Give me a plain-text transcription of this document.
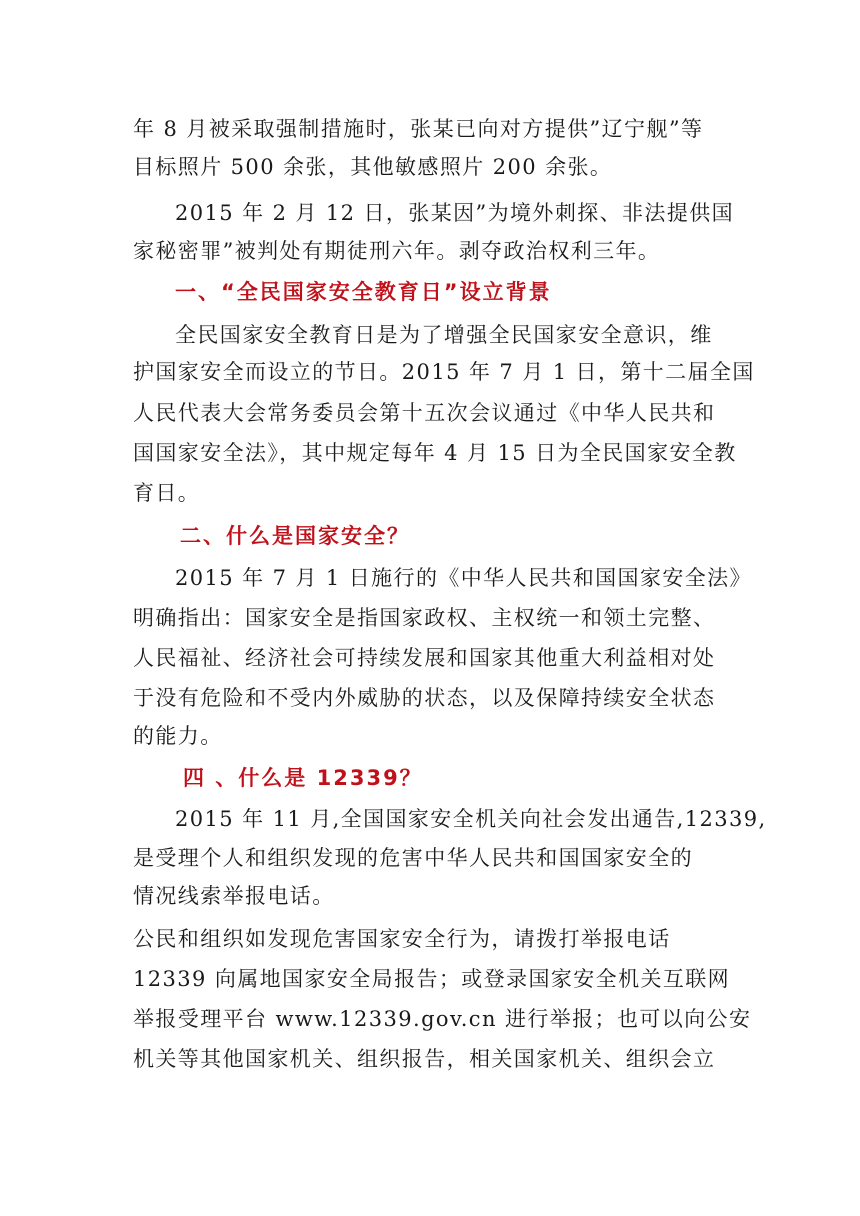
年 8 月被采取强制措施时，张某已向对方提供”辽宁舰”等
目标照片 500 余张，其他敏感照片 200 余张。
2015 年 2 月 12 日，张某因”为境外刺探、非法提供国
家秘密罪”被判处有期徒刑六年。剥夺政治权利三年。
一、“全民国家安全教育日”设立背景
全民国家安全教育日是为了增强全民国家安全意识，维
护国家安全而设立的节日。2015 年 7 月 1 日，第十二届全国
人民代表大会常务委员会第十五次会议通过《中华人民共和
国国家安全法》，其中规定每年 4 月 15 日为全民国家安全教
育日。
二、什么是国家安全？
2015 年 7 月 1 日施行的《中华人民共和国国家安全法》
明确指出：国家安全是指国家政权、主权统一和领土完整、
人民福祉、经济社会可持续发展和国家其他重大利益相对处
于没有危险和不受内外威胁的状态，以及保障持续安全状态
的能力。
四 、什么是 12339？
2015 年 11 月,全国国家安全机关向社会发出通告,12339,
是受理个人和组织发现的危害中华人民共和国国家安全的
情况线索举报电话。
公民和组织如发现危害国家安全行为，请拨打举报电话
12339 向属地国家安全局报告；或登录国家安全机关互联网
举报受理平台 www.12339.gov.cn 进行举报；也可以向公安
机关等其他国家机关、组织报告，相关国家机关、组织会立
